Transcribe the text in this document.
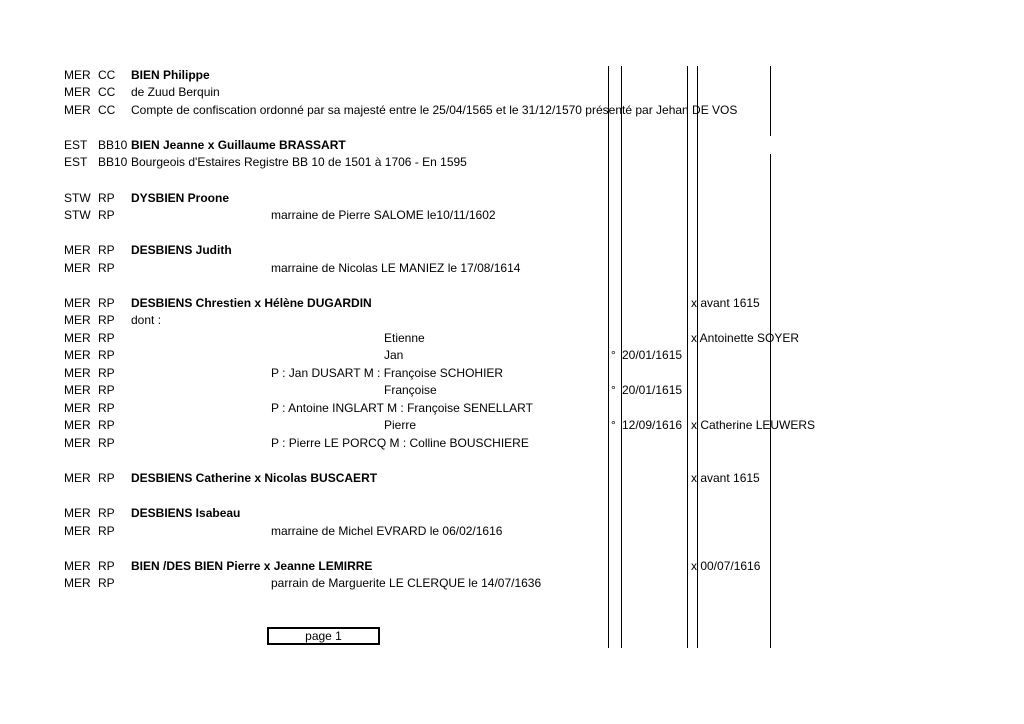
MER CC BIEN Philippe
MER CC de Zuud Berquin
MER CC Compte de confiscation ordonné par sa majesté entre le 25/04/1565 et le 31/12/1570 présenté par Jehan DE VOS
EST BB10 BIEN Jeanne x Guillaume BRASSART
EST BB10 Bourgeois d'Estaires Registre BB 10 de 1501 à 1706 - En 1595
STW RP DYSBIEN Proone
STW RP	marraine de Pierre SALOME le10/11/1602
MER RP DESBIENS Judith
MER RP	marraine de Nicolas LE MANIEZ le 17/08/1614
MER RP DESBIENS Chrestien x Hélène DUGARDIN	x avant 1615
MER RP dont :
MER RP	Etienne	x Antoinette SOYER
MER RP	Jan	° 20/01/1615
MER RP	P : Jan DUSART M : Françoise SCHOHIER
MER RP	Françoise	° 20/01/1615
MER RP	P : Antoine INGLART M : Françoise SENELLART
MER RP	Pierre	° 12/09/1616 x Catherine LEUWERS
MER RP	P : Pierre LE PORCQ M : Colline BOUSCHIERE
MER RP DESBIENS Catherine x Nicolas BUSCAERT	x avant 1615
MER RP DESBIENS Isabeau
MER RP	marraine de Michel EVRARD le 06/02/1616
MER RP BIEN /DES BIEN Pierre x Jeanne LEMIRRE	x 00/07/1616
MER RP	parrain de Marguerite LE CLERQUE le 14/07/1636
page 1
